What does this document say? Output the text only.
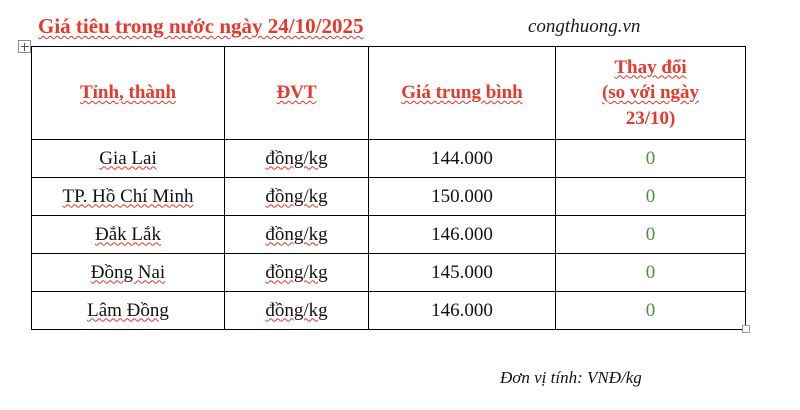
Giá tiêu trong nước ngày 24/10/2025	congthuong.vn
Tỉnh, thành	ĐVT	Giá trung bình	Thay đổi
(so với ngày
23/10)

Gia Lai	đồng/kg	144.000	0
TP. Hồ Chí Minh	đồng/kg	150.000	0
Đắk Lắk	đồng/kg	146.000	0
Đồng Nai	đồng/kg	145.000	0
Lâm Đồng	đồng/kg	146.000	0
Đơn vị tính: VNĐ/kg
